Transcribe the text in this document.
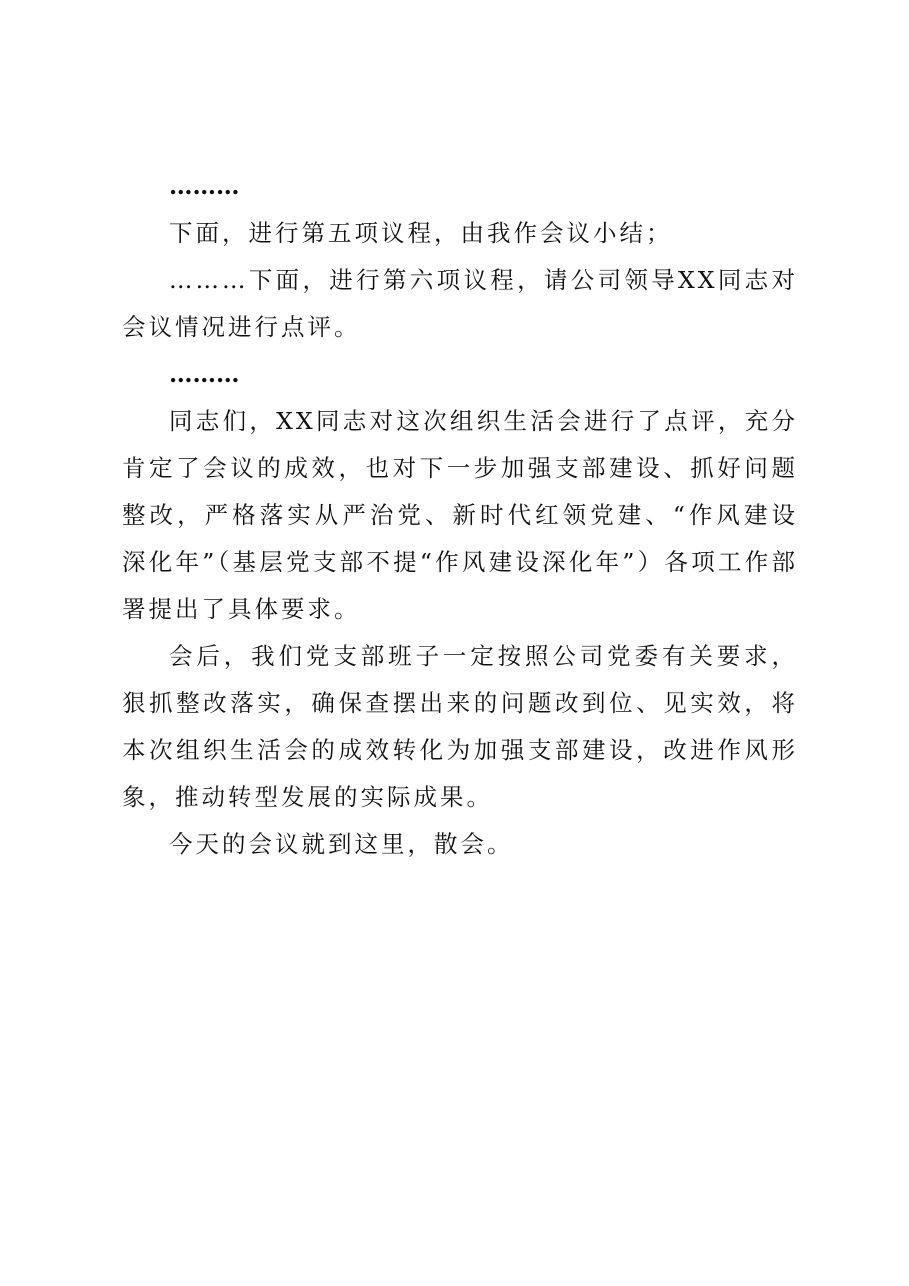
………

下面，进行第五项议程，由我作会议小结；

………下面，进行第六项议程，请公司领导XX同志对会议情况进行点评。

………

同志们，XX同志对这次组织生活会进行了点评，充分肯定了会议的成效，也对下一步加强支部建设、抓好问题整改，严格落实从严治党、新时代红领党建、“作风建设深化年”（基层党支部不提“作风建设深化年”）各项工作部署提出了具体要求。

会后，我们党支部班子一定按照公司党委有关要求，狠抓整改落实，确保查摆出来的问题改到位、见实效，将本次组织生活会的成效转化为加强支部建设，改进作风形象，推动转型发展的实际成果。

今天的会议就到这里，散会。
